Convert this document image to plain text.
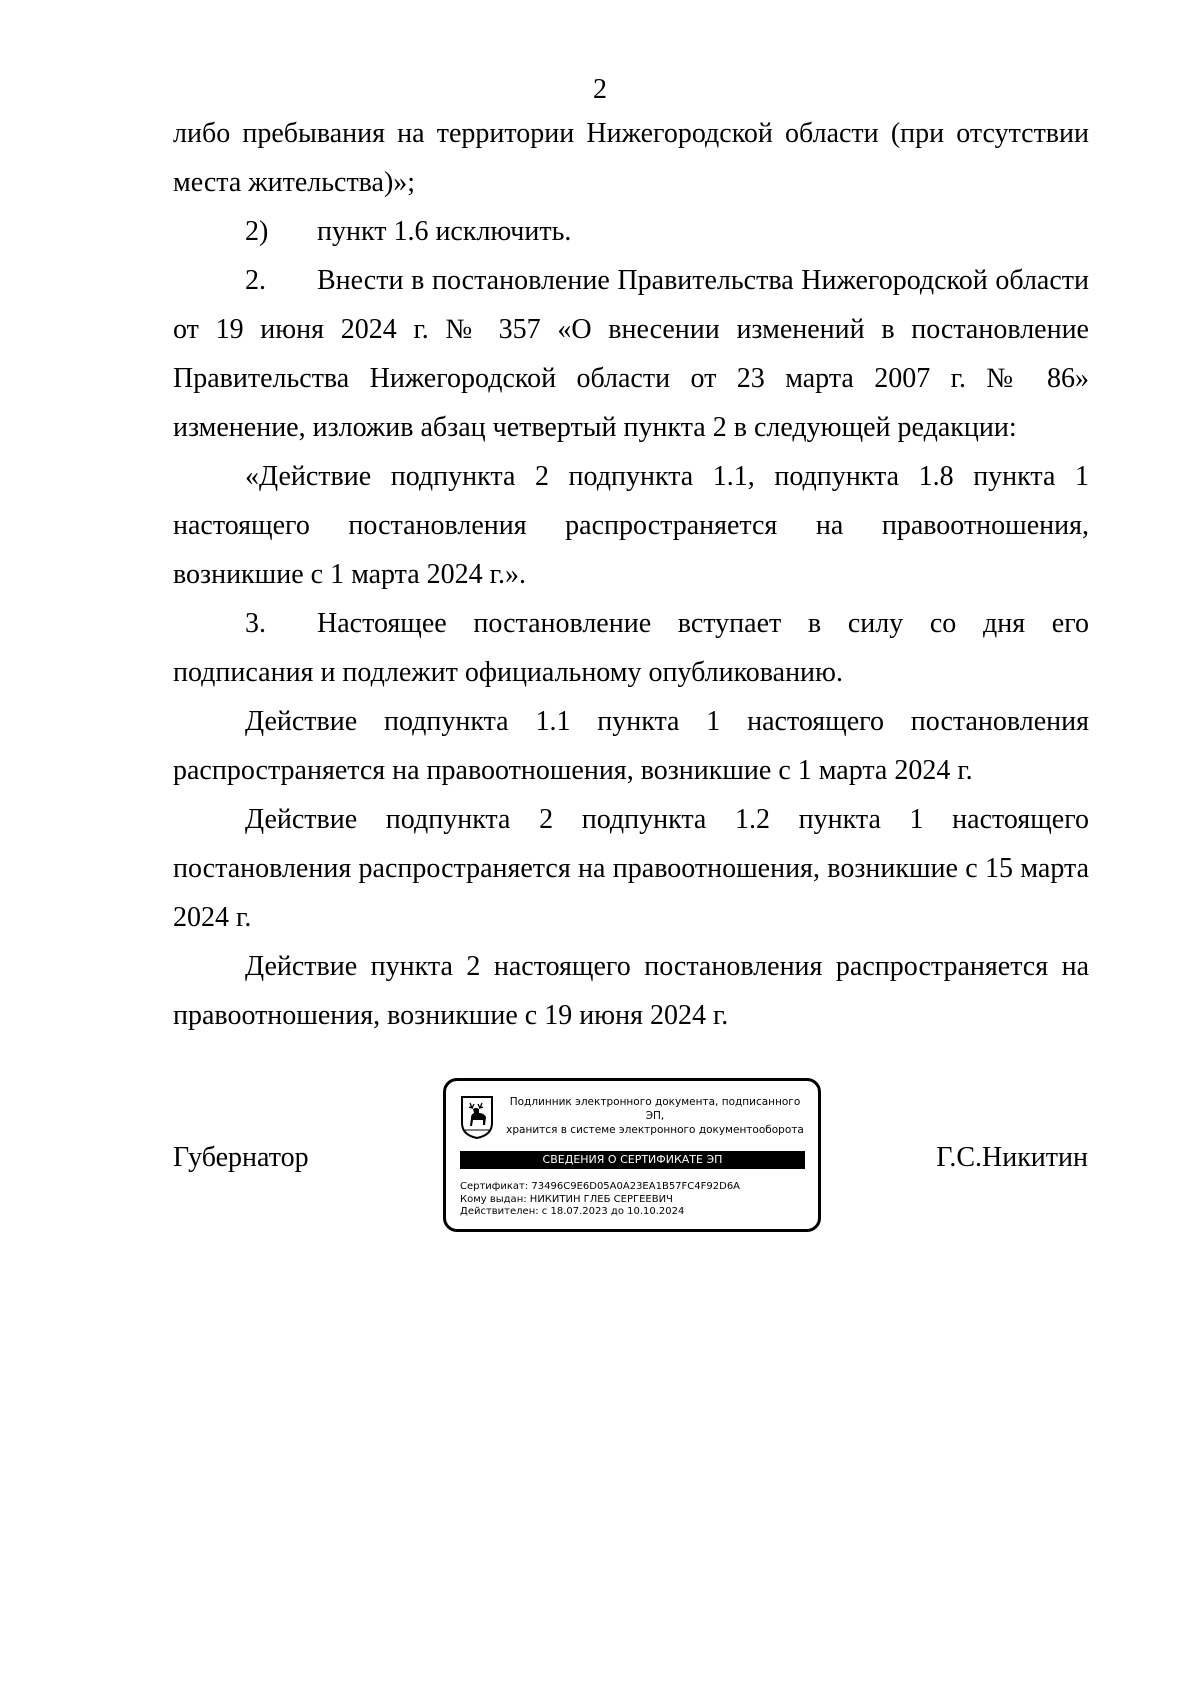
2

либо пребывания на территории Нижегородской области (при отсутствии места жительства)»;

2) пункт 1.6 исключить.

2. Внести в постановление Правительства Нижегородской области от 19 июня 2024 г. № 357 «О внесении изменений в постановление Правительства Нижегородской области от 23 марта 2007 г. № 86» изменение, изложив абзац четвертый пункта 2 в следующей редакции:

«Действие подпункта 2 подпункта 1.1, подпункта 1.8 пункта 1 настоящего постановления распространяется на правоотношения, возникшие с 1 марта 2024 г.».

3. Настоящее постановление вступает в силу со дня его подписания и подлежит официальному опубликованию.

Действие подпункта 1.1 пункта 1 настоящего постановления распространяется на правоотношения, возникшие с 1 марта 2024 г.

Действие подпункта 2 подпункта 1.2 пункта 1 настоящего постановления распространяется на правоотношения, возникшие с 15 марта 2024 г.

Действие пункта 2 настоящего постановления распространяется на правоотношения, возникшие с 19 июня 2024 г.

Губернатор
Подлинник электронного документа, подписанного ЭП,
хранится в системе электронного документооборота
СВЕДЕНИЯ О СЕРТИФИКАТЕ ЭП
Сертификат: 73496C9E6D05A0A23EA1B57FC4F92D6A
Кому выдан: НИКИТИН ГЛЕБ СЕРГЕЕВИЧ
Действителен: с 18.07.2023 до 10.10.2024
Г.С.Никитин
